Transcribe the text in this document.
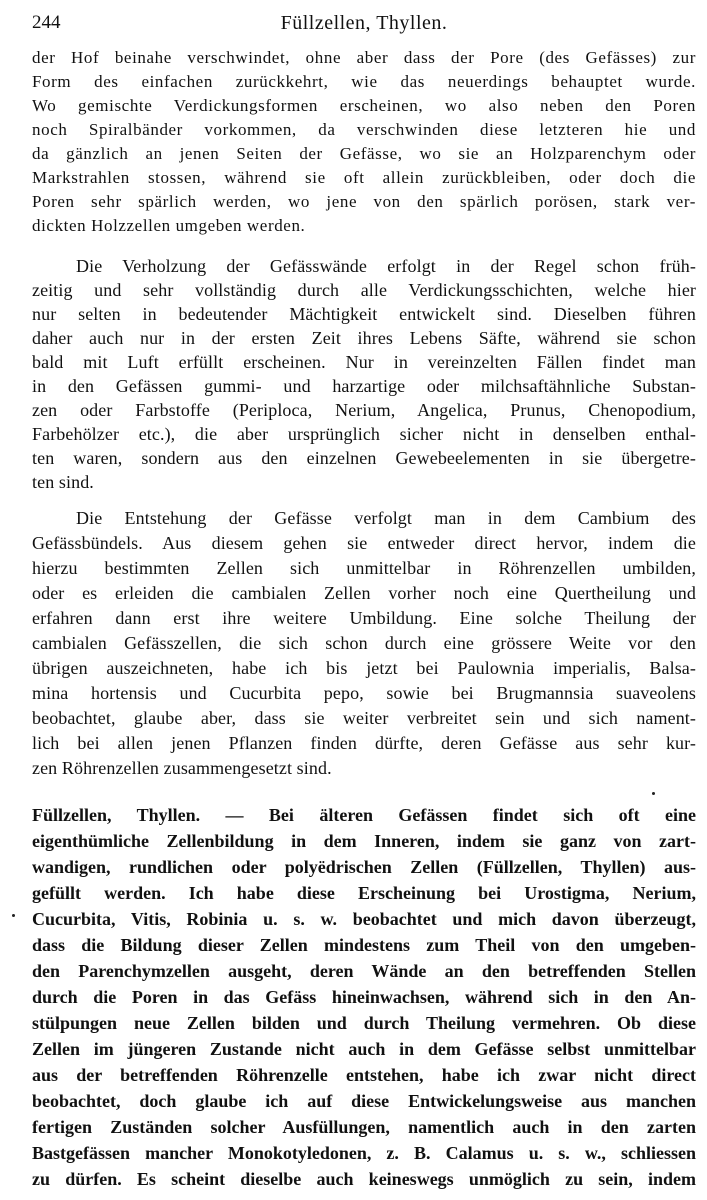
244	Füllzellen, Thyllen.
der Hof beinahe verschwindet, ohne aber dass der Pore (des Gefässes) zur
Form des einfachen zurückkehrt, wie das neuerdings behauptet wurde.
Wo gemischte Verdickungsformen erscheinen, wo also neben den Poren
noch Spiralbänder vorkommen, da verschwinden diese letzteren hie und
da gänzlich an jenen Seiten der Gefässe, wo sie an Holzparenchym oder
Markstrahlen stossen, während sie oft allein zurückbleiben, oder doch die
Poren sehr spärlich werden, wo jene von den spärlich porösen, stark ver-
dickten Holzzellen umgeben werden.
Die Verholzung der Gefässwände erfolgt in der Regel schon früh-
zeitig und sehr vollständig durch alle Verdickungsschichten, welche hier
nur selten in bedeutender Mächtigkeit entwickelt sind. Dieselben führen
daher auch nur in der ersten Zeit ihres Lebens Säfte, während sie schon
bald mit Luft erfüllt erscheinen. Nur in vereinzelten Fällen findet man
in den Gefässen gummi- und harzartige oder milchsaftähnliche Substan-
zen oder Farbstoffe (Periploca, Nerium, Angelica, Prunus, Chenopodium,
Farbehölzer etc.), die aber ursprünglich sicher nicht in denselben enthal-
ten waren, sondern aus den einzelnen Gewebeelementen in sie übergetre-
ten sind.
Die Entstehung der Gefässe verfolgt man in dem Cambium des
Gefässbündels. Aus diesem gehen sie entweder direct hervor, indem die
hierzu bestimmten Zellen sich unmittelbar in Röhrenzellen umbilden,
oder es erleiden die cambialen Zellen vorher noch eine Quertheilung und
erfahren dann erst ihre weitere Umbildung. Eine solche Theilung der
cambialen Gefässzellen, die sich schon durch eine grössere Weite vor den
übrigen auszeichneten, habe ich bis jetzt bei Paulownia imperialis, Balsa-
mina hortensis und Cucurbita pepo, sowie bei Brugmannsia suaveolens
beobachtet, glaube aber, dass sie weiter verbreitet sein und sich nament-
lich bei allen jenen Pflanzen finden dürfte, deren Gefässe aus sehr kur-
zen Röhrenzellen zusammengesetzt sind.
Füllzellen, Thyllen. — Bei älteren Gefässen findet sich oft eine
eigenthümliche Zellenbildung in dem Inneren, indem sie ganz von zart-
wandigen, rundlichen oder polyëdrischen Zellen (Füllzellen, Thyllen) aus-
gefüllt werden. Ich habe diese Erscheinung bei Urostigma, Nerium,
Cucurbita, Vitis, Robinia u. s. w. beobachtet und mich davon überzeugt,
dass die Bildung dieser Zellen mindestens zum Theil von den umgeben-
den Parenchymzellen ausgeht, deren Wände an den betreffenden Stellen
durch die Poren in das Gefäss hineinwachsen, während sich in den An-
stülpungen neue Zellen bilden und durch Theilung vermehren. Ob diese
Zellen im jüngeren Zustande nicht auch in dem Gefässe selbst unmittelbar
aus der betreffenden Röhrenzelle entstehen, habe ich zwar nicht direct
beobachtet, doch glaube ich auf diese Entwickelungsweise aus manchen
fertigen Zuständen solcher Ausfüllungen, namentlich auch in den zarten
Bastgefässen mancher Monokotyledonen, z. B. Calamus u. s. w., schliessen
zu dürfen. Es scheint dieselbe auch keineswegs unmöglich zu sein, indem
